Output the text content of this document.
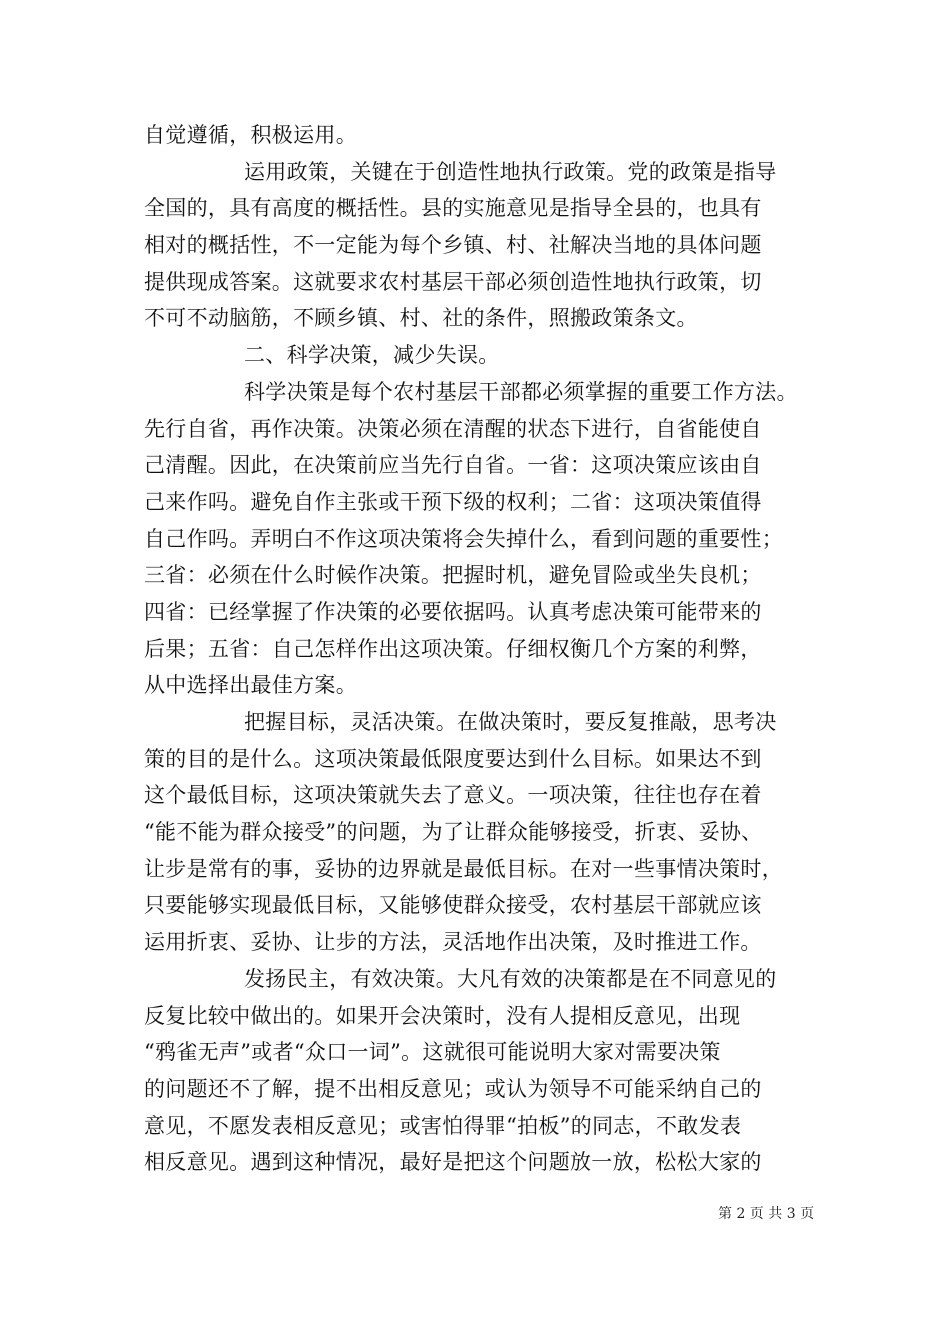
自觉遵循，积极运用。
运用政策，关键在于创造性地执行政策。党的政策是指导
全国的，具有高度的概括性。县的实施意见是指导全县的，也具有
相对的概括性，不一定能为每个乡镇、村、社解决当地的具体问题
提供现成答案。这就要求农村基层干部必须创造性地执行政策，切
不可不动脑筋，不顾乡镇、村、社的条件，照搬政策条文。
二、科学决策，减少失误。
科学决策是每个农村基层干部都必须掌握的重要工作方法。
先行自省，再作决策。决策必须在清醒的状态下进行，自省能使自
己清醒。因此，在决策前应当先行自省。一省：这项决策应该由自
己来作吗。避免自作主张或干预下级的权利；二省：这项决策值得
自己作吗。弄明白不作这项决策将会失掉什么，看到问题的重要性；
三省：必须在什么时候作决策。把握时机，避免冒险或坐失良机；
四省：已经掌握了作决策的必要依据吗。认真考虑决策可能带来的
后果；五省：自己怎样作出这项决策。仔细权衡几个方案的利弊，
从中选择出最佳方案。
把握目标，灵活决策。在做决策时，要反复推敲，思考决
策的目的是什么。这项决策最低限度要达到什么目标。如果达不到
这个最低目标，这项决策就失去了意义。一项决策，往往也存在着
“能不能为群众接受”的问题，为了让群众能够接受，折衷、妥协、
让步是常有的事，妥协的边界就是最低目标。在对一些事情决策时，
只要能够实现最低目标，又能够使群众接受，农村基层干部就应该
运用折衷、妥协、让步的方法，灵活地作出决策，及时推进工作。
发扬民主，有效决策。大凡有效的决策都是在不同意见的
反复比较中做出的。如果开会决策时，没有人提相反意见，出现
“鸦雀无声”或者“众口一词”。这就很可能说明大家对需要决策
的问题还不了解，提不出相反意见；或认为领导不可能采纳自己的
意见，不愿发表相反意见；或害怕得罪“拍板”的同志，不敢发表
相反意见。遇到这种情况，最好是把这个问题放一放，松松大家的
第 2 页 共 3 页
